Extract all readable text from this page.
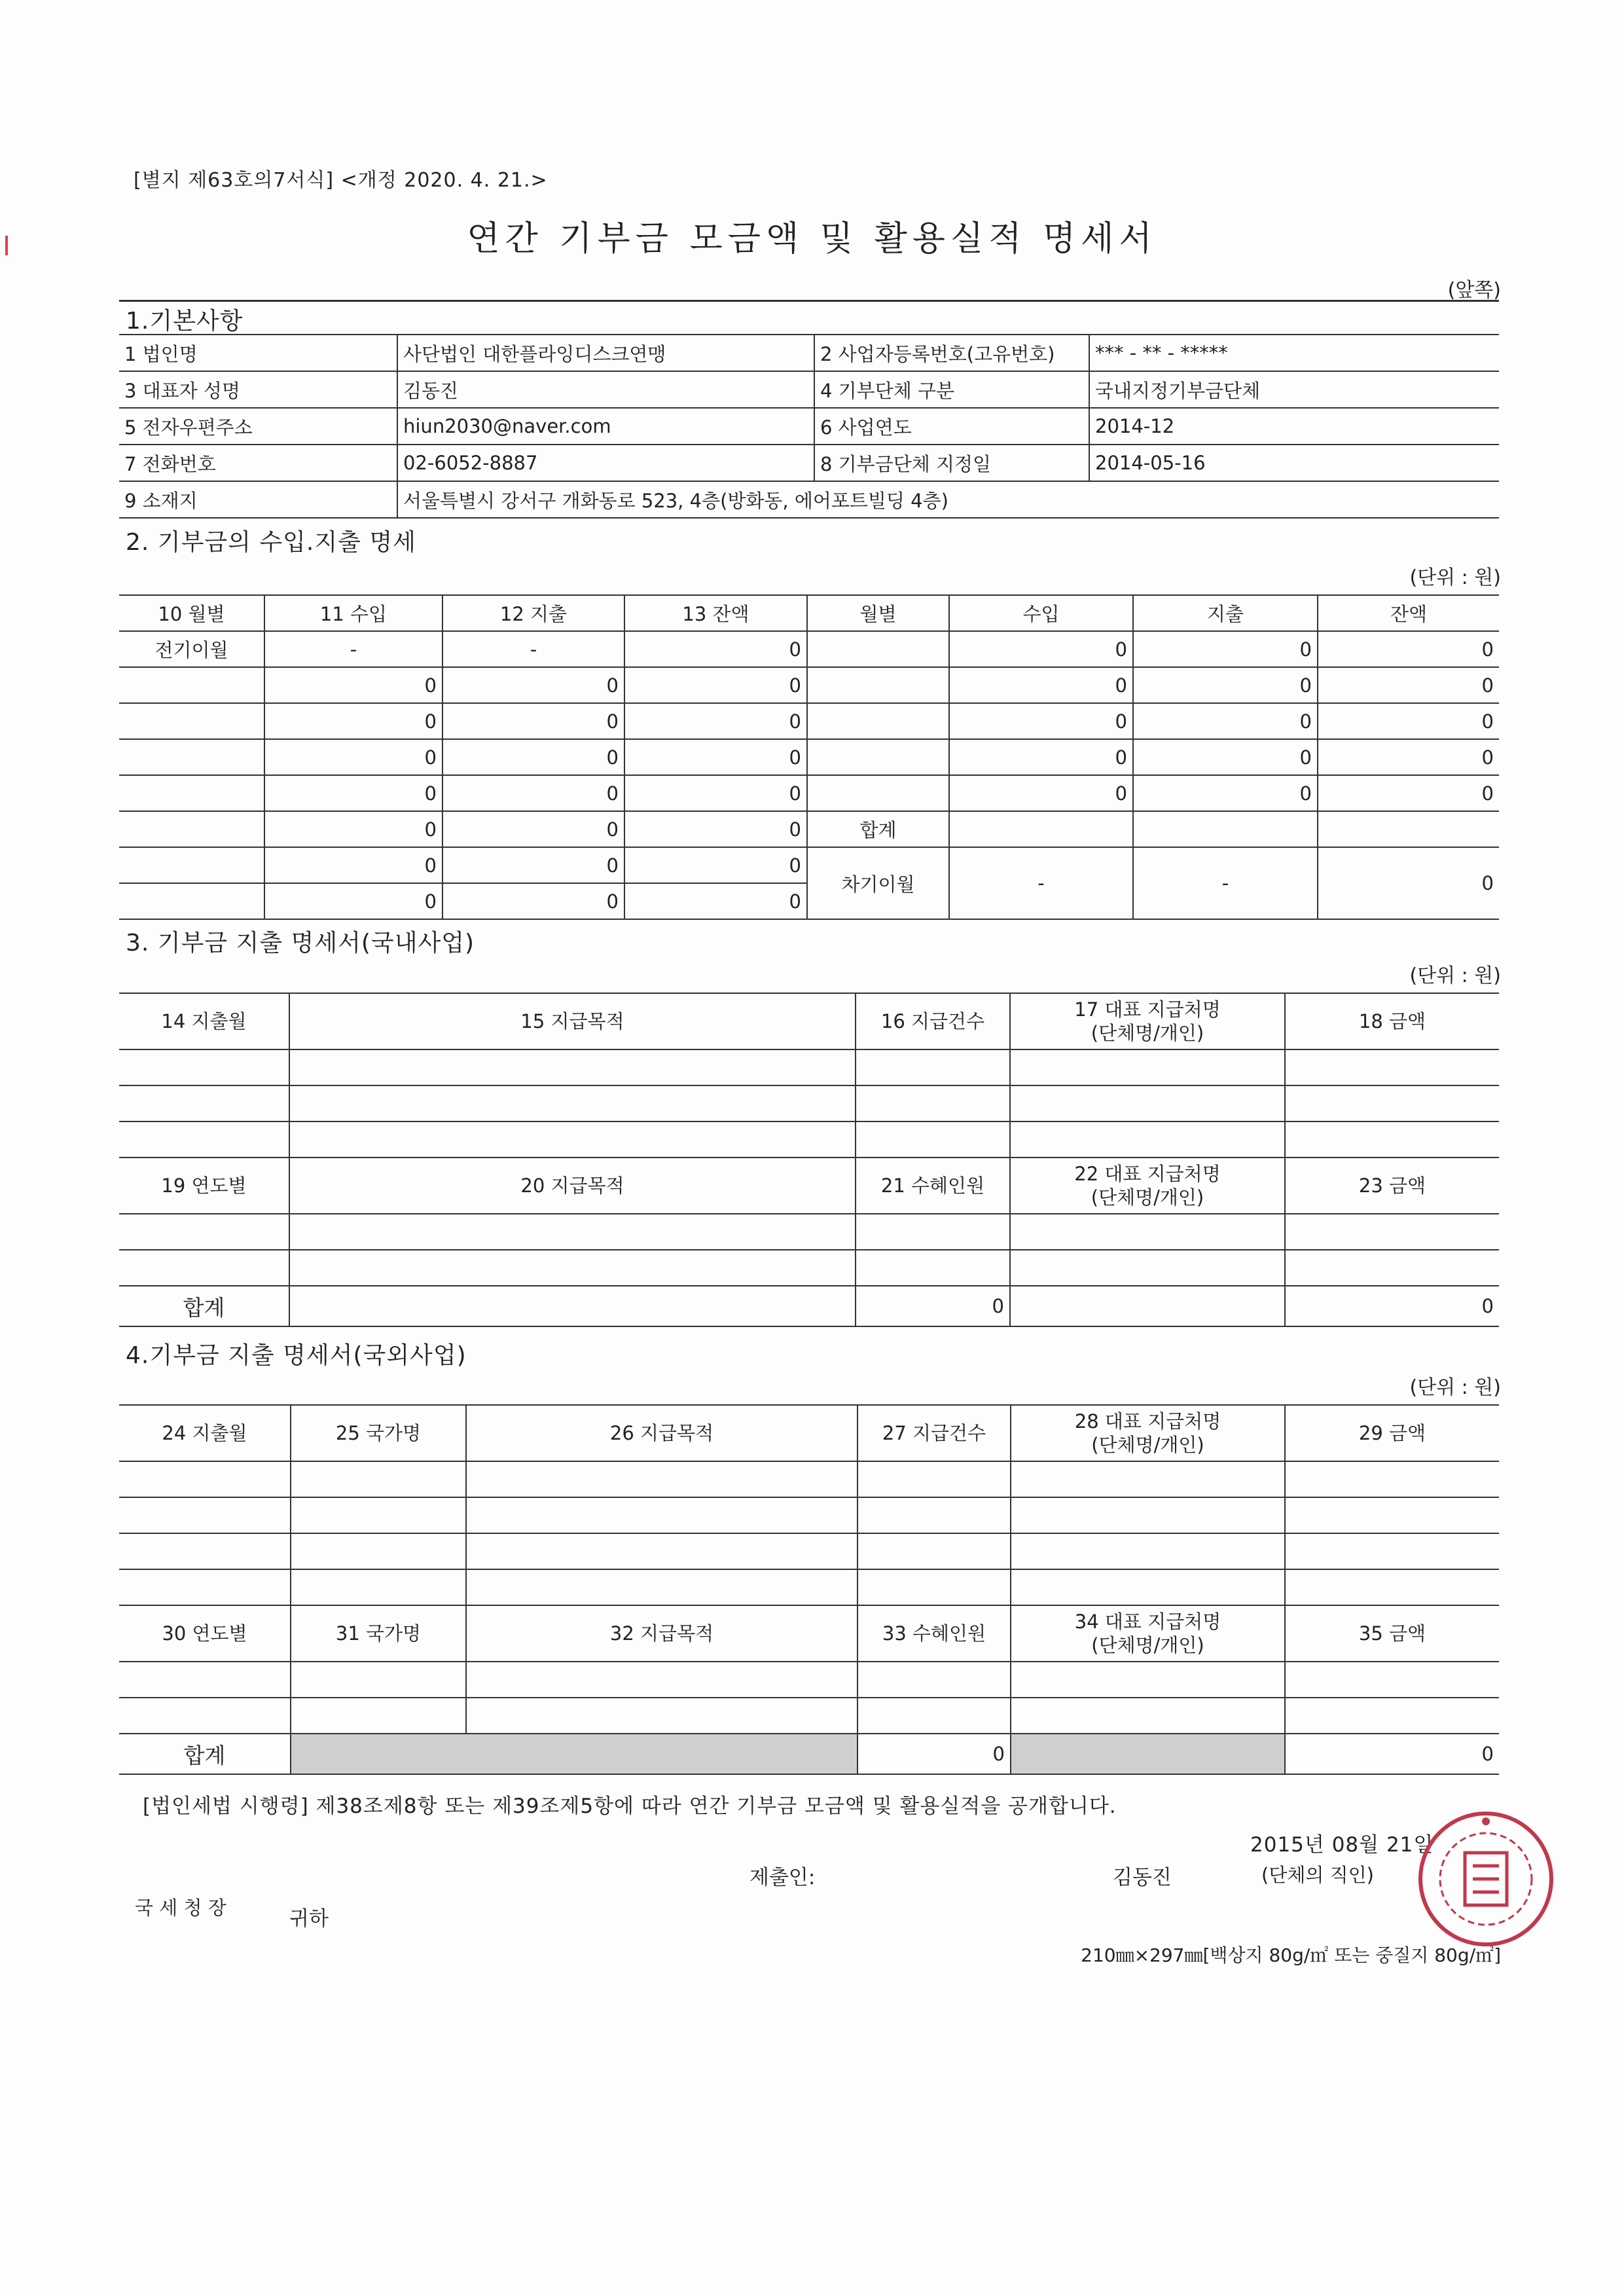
[별지 제63호의7서식] <개정 2020. 4. 21.>
연간 기부금 모금액 및 활용실적 명세서
(앞쪽)
1.기본사항
1 법인명	사단법인 대한플라잉디스크연맹	2 사업자등록번호(고유번호)	*** - ** - *****
3 대표자 성명	김동진	4 기부단체 구분	국내지정기부금단체
5 전자우편주소	hiun2030@naver.com	6 사업연도	2014-12
7 전화번호	02-6052-8887	8 기부금단체 지정일	2014-05-16
9 소재지	서울특별시 강서구 개화동로 523, 4층(방화동, 에어포트빌딩 4층)		
2. 기부금의 수입.지출 명세
(단위 : 원)
10 월별	11 수입	12 지출	13 잔액	월별	수입	지출	잔액
전기이월	-	-	0		0	0	0
	0	0	0		0	0	0
	0	0	0		0	0	0
	0	0	0		0	0	0
	0	0	0		0	0	0
	0	0	0	합계			
	0	0	0	차기이월	-	-	0
	0	0	0				
3. 기부금 지출 명세서(국내사업)
(단위 : 원)
14 지출월	15 지급목적	16 지급건수	17 대표 지급처명
(단체명/개인)	18 금액

19 연도별	20 지급목적	21 수혜인원	22 대표 지급처명
(단체명/개인)	23 금액

합계		0		0
4.기부금 지출 명세서(국외사업)
(단위 : 원)
24 지출월	25 국가명	26 지급목적	27 지급건수	28 대표 지급처명
(단체명/개인)	29 금액

30 연도별	31 국가명	32 지급목적	33 수혜인원	34 대표 지급처명
(단체명/개인)	35 금액

합계			0		0
[법인세법 시행령] 제38조제8항 또는 제39조제5항에 따라 연간 기부금 모금액 및 활용실적을 공개합니다.
2015년 08월 21일
제출인:	김동진	(단체의 직인)
국 세 청 장	귀하
210㎜×297㎜[백상지 80g/㎡ 또는 중질지 80g/㎡]
